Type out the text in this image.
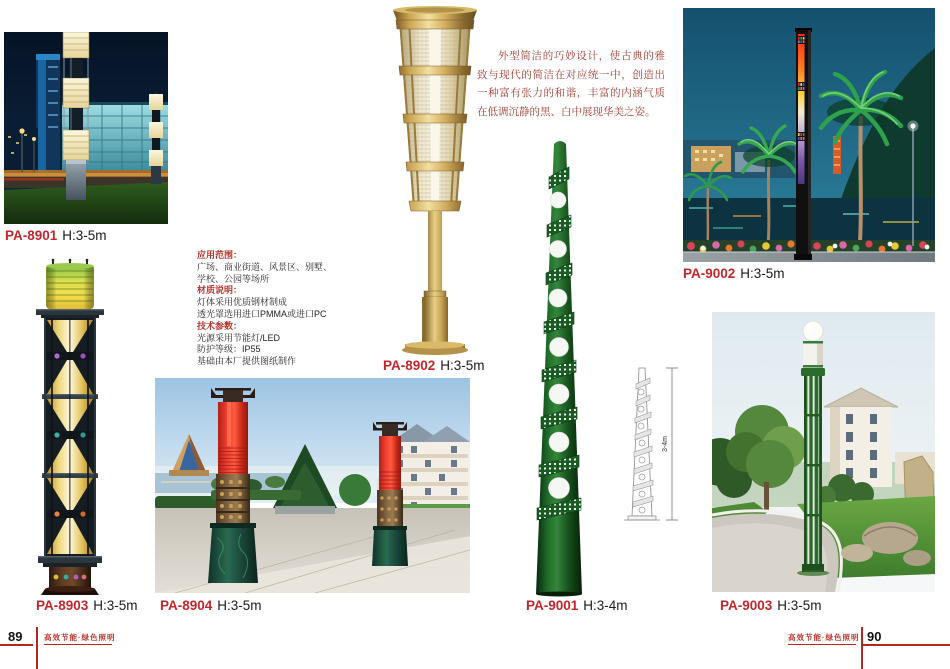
外型简洁的巧妙设计，使古典的雅致与现代的简洁在对应统一中，创造出一种富有张力的和谐，丰富的内涵气质在低调沉静的黑、白中展现华美之姿。

应用范围：
广场、商业街道、风景区、别墅、
学校、公园等场所
材质说明：
灯体采用优质钢材制成
透光罩选用进口PMMA或进口PC
技术参数：
光源采用节能灯/LED
防护等级：IP55
基础由本厂提供图纸制作
3-4m
PA-8901 H:3-5m
PA-8902 H:3-5m
PA-9002 H:3-5m
PA-8903 H:3-5m PA-8904 H:3-5m	PA-9001 H:3-4m	PA-9003 H:3-5m
89	高效节能·绿色照明	高效节能·绿色照明 90
